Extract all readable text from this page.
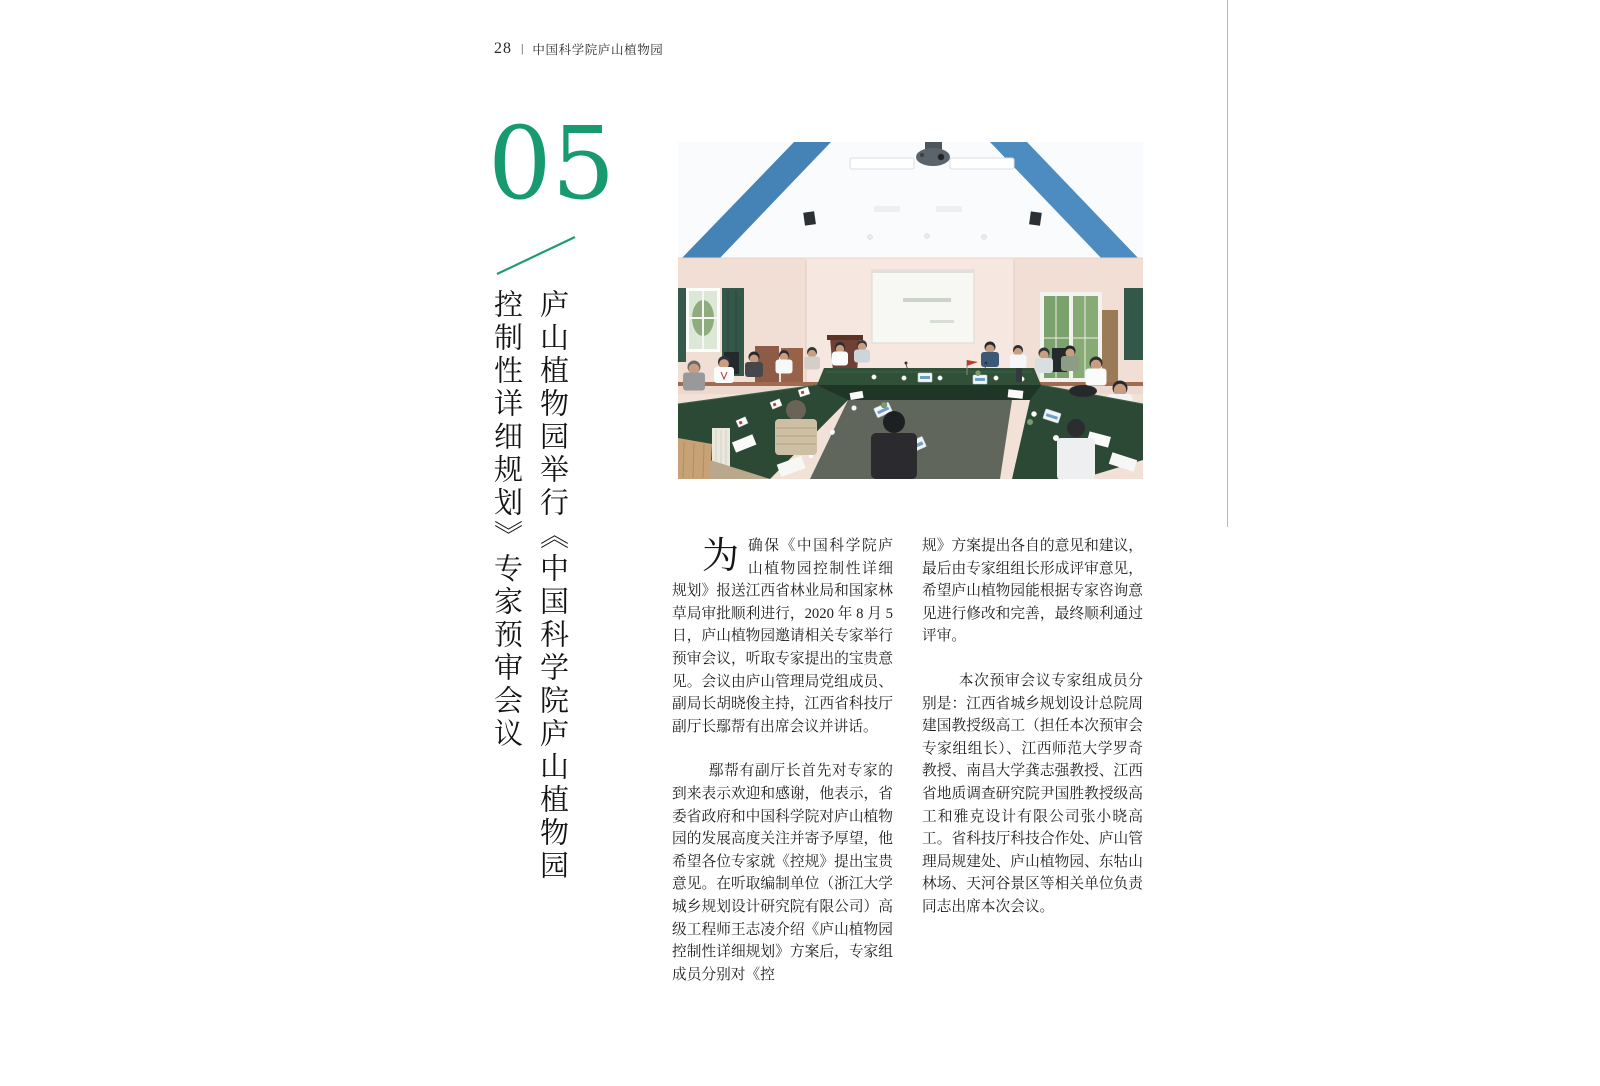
28 | 中国科学院庐山植物园
05
庐山植物园举行《中国科学院庐山植物园
控制性详细规划》专家预审会议	为确保《中国科学院庐山植物园控制性详细规划》报送江西省林业局和国家林草局审批顺利进行，2020 年 8 月 5 日，庐山植物园邀请相关专家举行预审会议，听取专家提出的宝贵意见。会议由庐山管理局党组成员、副局长胡晓俊主持，江西省科技厅副厅长鄢帮有出席会议并讲话。

鄢帮有副厅长首先对专家的到来表示欢迎和感谢，他表示，省委省政府和中国科学院对庐山植物园的发展高度关注并寄予厚望，他希望各位专家就《控规》提出宝贵意见。在听取编制单位（浙江大学城乡规划设计研究院有限公司）高级工程师王志凌介绍《庐山植物园控制性详细规划》方案后，专家组成员分别对《控

规》方案提出各自的意见和建议，最后由专家组组长形成评审意见，希望庐山植物园能根据专家咨询意见进行修改和完善，最终顺利通过评审。

本次预审会议专家组成员分别是：江西省城乡规划设计总院周建国教授级高工（担任本次预审会专家组组长）、江西师范大学罗奇教授、南昌大学龚志强教授、江西省地质调查研究院尹国胜教授级高工和雅克设计有限公司张小晓高工。省科技厅科技合作处、庐山管理局规建处、庐山植物园、东牯山林场、天河谷景区等相关单位负责同志出席本次会议。
